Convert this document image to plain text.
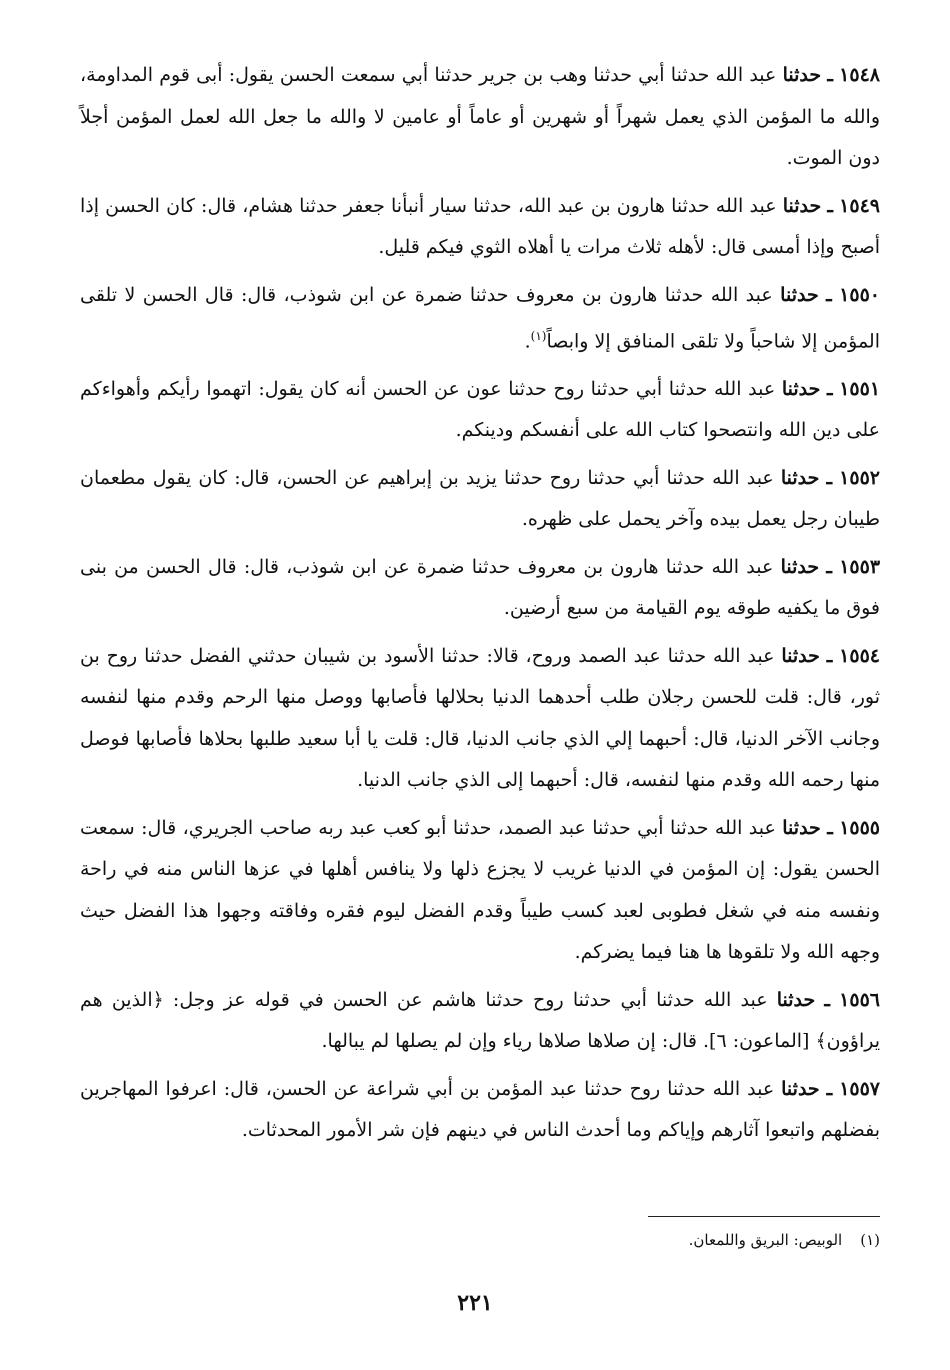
١٥٤٨ ـ حدثنا عبد الله حدثنا أبي حدثنا وهب بن جرير حدثنا أبي سمعت الحسن يقول: أبى قوم المداومة، والله ما المؤمن الذي يعمل شهراً أو شهرين أو عاماً أو عامين لا والله ما جعل الله لعمل المؤمن أجلاً دون الموت.

١٥٤٩ ـ حدثنا عبد الله حدثنا هارون بن عبد الله، حدثنا سيار أنبأنا جعفر حدثنا هشام، قال: كان الحسن إذا أصبح وإذا أمسى قال: لأهله ثلاث مرات يا أهلاه الثوي فيكم قليل.

١٥٥٠ ـ حدثنا عبد الله حدثنا هارون بن معروف حدثنا ضمرة عن ابن شوذب، قال: قال الحسن لا تلقى المؤمن إلا شاحباً ولا تلقى المنافق إلا وابصاً$^{(١)}$.

١٥٥١ ـ حدثنا عبد الله حدثنا أبي حدثنا روح حدثنا عون عن الحسن أنه كان يقول: اتهموا رأيكم وأهواءكم على دين الله وانتصحوا كتاب الله على أنفسكم ودينكم.

١٥٥٢ ـ حدثنا عبد الله حدثنا أبي حدثنا روح حدثنا يزيد بن إبراهيم عن الحسن، قال: كان يقول مطعمان طيبان رجل يعمل بيده وآخر يحمل على ظهره.

١٥٥٣ ـ حدثنا عبد الله حدثنا هارون بن معروف حدثنا ضمرة عن ابن شوذب، قال: قال الحسن من بنى فوق ما يكفيه طوقه يوم القيامة من سبع أرضين.

١٥٥٤ ـ حدثنا عبد الله حدثنا عبد الصمد وروح، قالا: حدثنا الأسود بن شيبان حدثني الفضل حدثنا روح بن ثور، قال: قلت للحسن رجلان طلب أحدهما الدنيا بحلالها فأصابها ووصل منها الرحم وقدم منها لنفسه وجانب الآخر الدنيا، قال: أحبهما إلي الذي جانب الدنيا، قال: قلت يا أبا سعيد طلبها بحلاها فأصابها فوصل منها رحمه الله وقدم منها لنفسه، قال: أحبهما إلى الذي جانب الدنيا.

١٥٥٥ ـ حدثنا عبد الله حدثنا أبي حدثنا عبد الصمد، حدثنا أبو كعب عبد ربه صاحب الجريري، قال: سمعت الحسن يقول: إن المؤمن في الدنيا غريب لا يجزع ذلها ولا ينافس أهلها في عزها الناس منه في راحة ونفسه منه في شغل فطوبى لعبد كسب طيباً وقدم الفضل ليوم فقره وفاقته وجهوا هذا الفضل حيث وجهه الله ولا تلقوها ها هنا فيما يضركم.

١٥٥٦ ـ حدثنا عبد الله حدثنا أبي حدثنا روح حدثنا هاشم عن الحسن في قوله عز وجل: ﴿الذين هم يراؤون﴾ [الماعون: ٦]. قال: إن صلاها صلاها رياء وإن لم يصلها لم يبالها.

١٥٥٧ ـ حدثنا عبد الله حدثنا روح حدثنا عبد المؤمن بن أبي شراعة عن الحسن، قال: اعرفوا المهاجرين بفضلهم واتبعوا آثارهم وإياكم وما أحدث الناس في دينهم فإن شر الأمور المحدثات.

(١)الوبيص: البريق واللمعان.
٢٢١
